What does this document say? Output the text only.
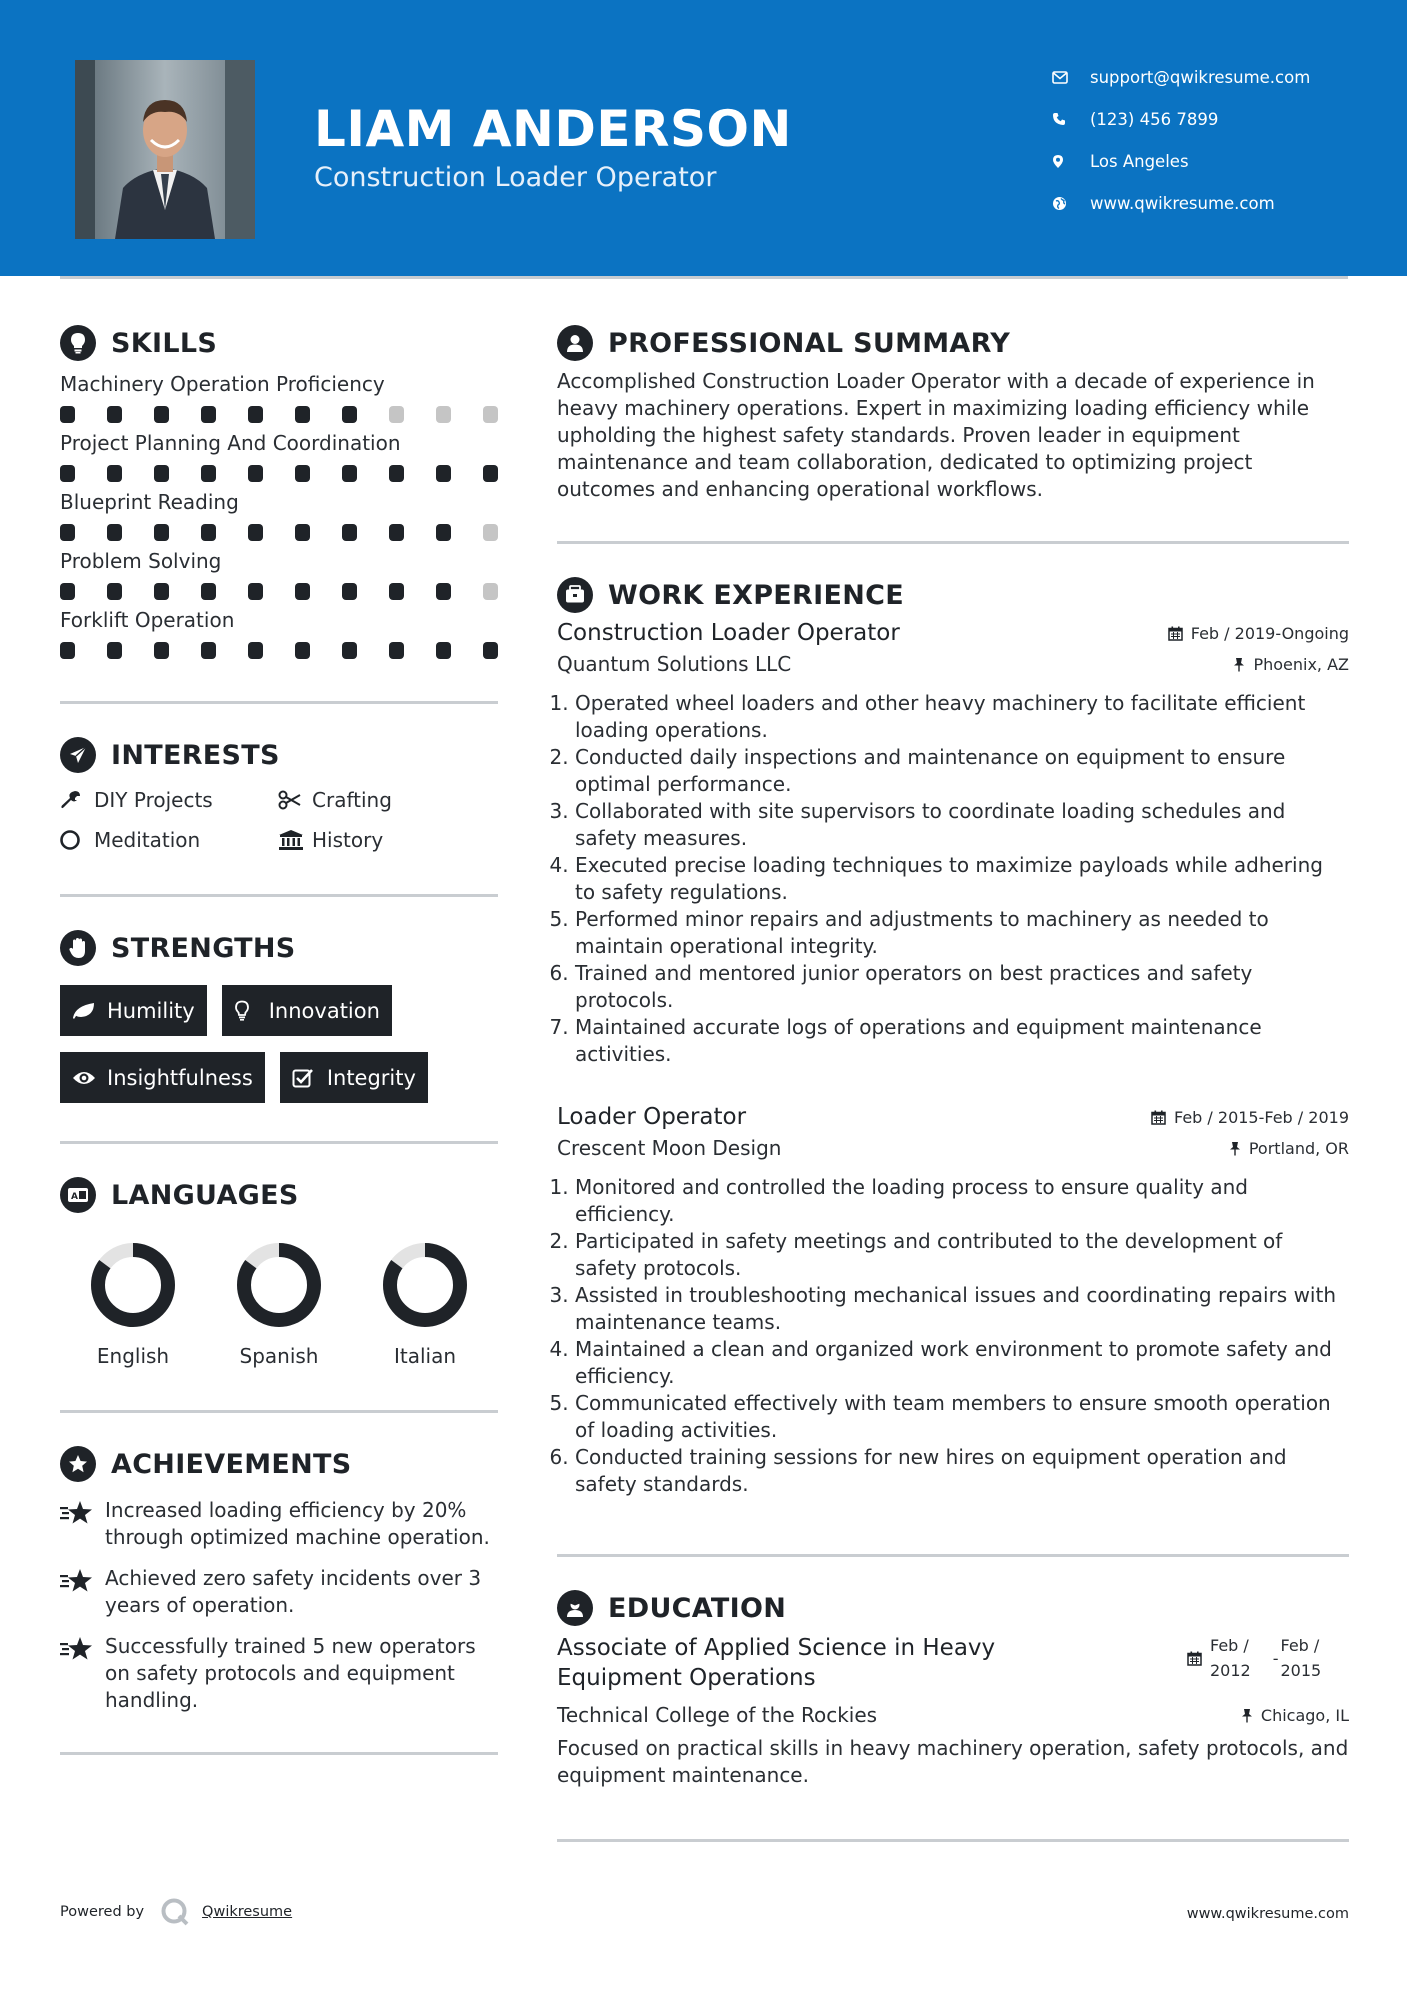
LIAM ANDERSON
Construction Loader Operator
support@qwikresume.com
(123) 456 7899
Los Angeles
www.qwikresume.com
SKILLS
Machinery Operation Proficiency
Project Planning And Coordination
Blueprint Reading
Problem Solving
Forklift Operation
INTERESTS
DIY Projects	Crafting
Meditation	History
STRENGTHS
Humility	Innovation
Insightfulness	Integrity
A LANGUAGES
English	Spanish	Italian
ACHIEVEMENTS
Increased loading efficiency by 20% through optimized machine operation.
Achieved zero safety incidents over 3 years of operation.
Successfully trained 5 new operators on safety protocols and equipment handling.
PROFESSIONAL SUMMARY

Accomplished Construction Loader Operator with a decade of experience in heavy machinery operations. Expert in maximizing loading efficiency while upholding the highest safety standards. Proven leader in equipment maintenance and team collaboration, dedicated to optimizing project outcomes and enhancing operational workflows.

WORK EXPERIENCE
Construction Loader Operator	Feb / 2019-Ongoing
Quantum Solutions LLC	Phoenix, AZ
1. Operated wheel loaders and other heavy machinery to facilitate efficient loading operations.
2. Conducted daily inspections and maintenance on equipment to ensure optimal performance.
3. Collaborated with site supervisors to coordinate loading schedules and safety measures.
4. Executed precise loading techniques to maximize payloads while adhering to safety regulations.
5. Performed minor repairs and adjustments to machinery as needed to maintain operational integrity.
6. Trained and mentored junior operators on best practices and safety protocols.
7. Maintained accurate logs of operations and equipment maintenance activities.
Loader Operator	Feb / 2015-Feb / 2019
Crescent Moon Design	Portland, OR
1. Monitored and controlled the loading process to ensure quality and efficiency.
2. Participated in safety meetings and contributed to the development of safety protocols.
3. Assisted in troubleshooting mechanical issues and coordinating repairs with maintenance teams.
4. Maintained a clean and organized work environment to promote safety and efficiency.
5. Communicated effectively with team members to ensure smooth operation of loading activities.
6. Conducted training sessions for new hires on equipment operation and safety standards.
EDUCATION
Associate of Applied Science in Heavy Equipment Operations
Feb /
2012
-
Feb /
2015
Technical College of the Rockies	Chicago, IL

Focused on practical skills in heavy machinery operation, safety protocols, and equipment maintenance.

Powered by	Qwikresume	www.qwikresume.com
